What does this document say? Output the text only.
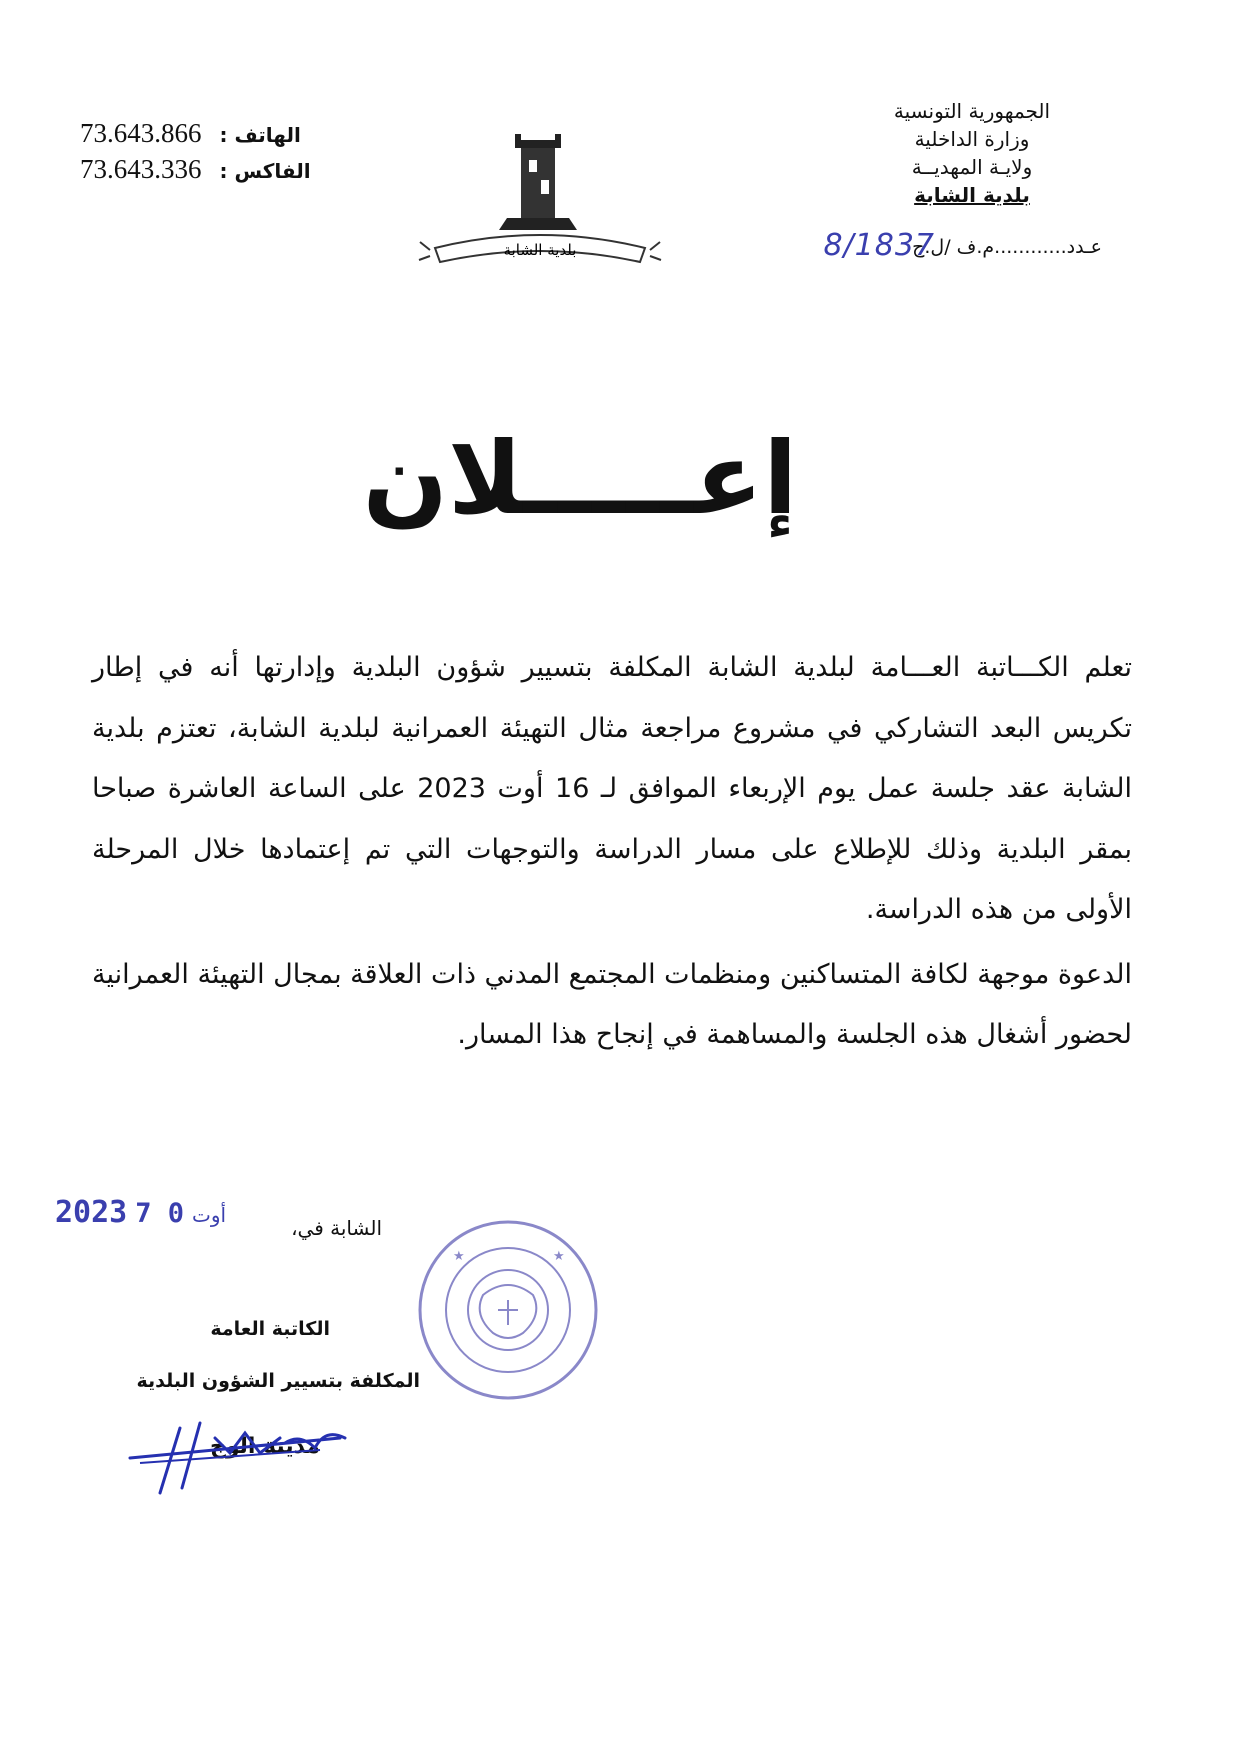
الجمهورية التونسية
وزارة الداخلية
ولايـة المهديــة
بلدية الشابة
عـدد............م.ف /ل.ح
8/1837
73.643.866 الهاتف :
73.643.336 الفاكس :
بلدية الشابة
إعـــــلان

تعلم الكـــاتبة العـــامة لبلدية الشابة المكلفة بتسيير شؤون البلدية وإدارتها أنه في إطار تكريس البعد التشاركي في مشروع مراجعة مثال التهيئة العمرانية لبلدية الشابة، تعتزم بلدية الشابة عقد جلسة عمل يوم الإربعاء الموافق لـ 16 أوت 2023 على الساعة العاشرة صباحا بمقر البلدية وذلك للإطلاع على مسار الدراسة والتوجهات التي تم إعتمادها خلال المرحلة الأولى من هذه الدراسة.

الدعوة موجهة لكافة المتساكنين ومنظمات المجتمع المدني ذات العلاقة بمجال التهيئة العمرانية لحضور أشغال هذه الجلسة والمساهمة في إنجاح هذا المسار.

2023	أوت0 7	الشابة في،
الكاتبة العامة
المكلفة بتسيير الشؤون البلدية
مدينة الوج
★	★
